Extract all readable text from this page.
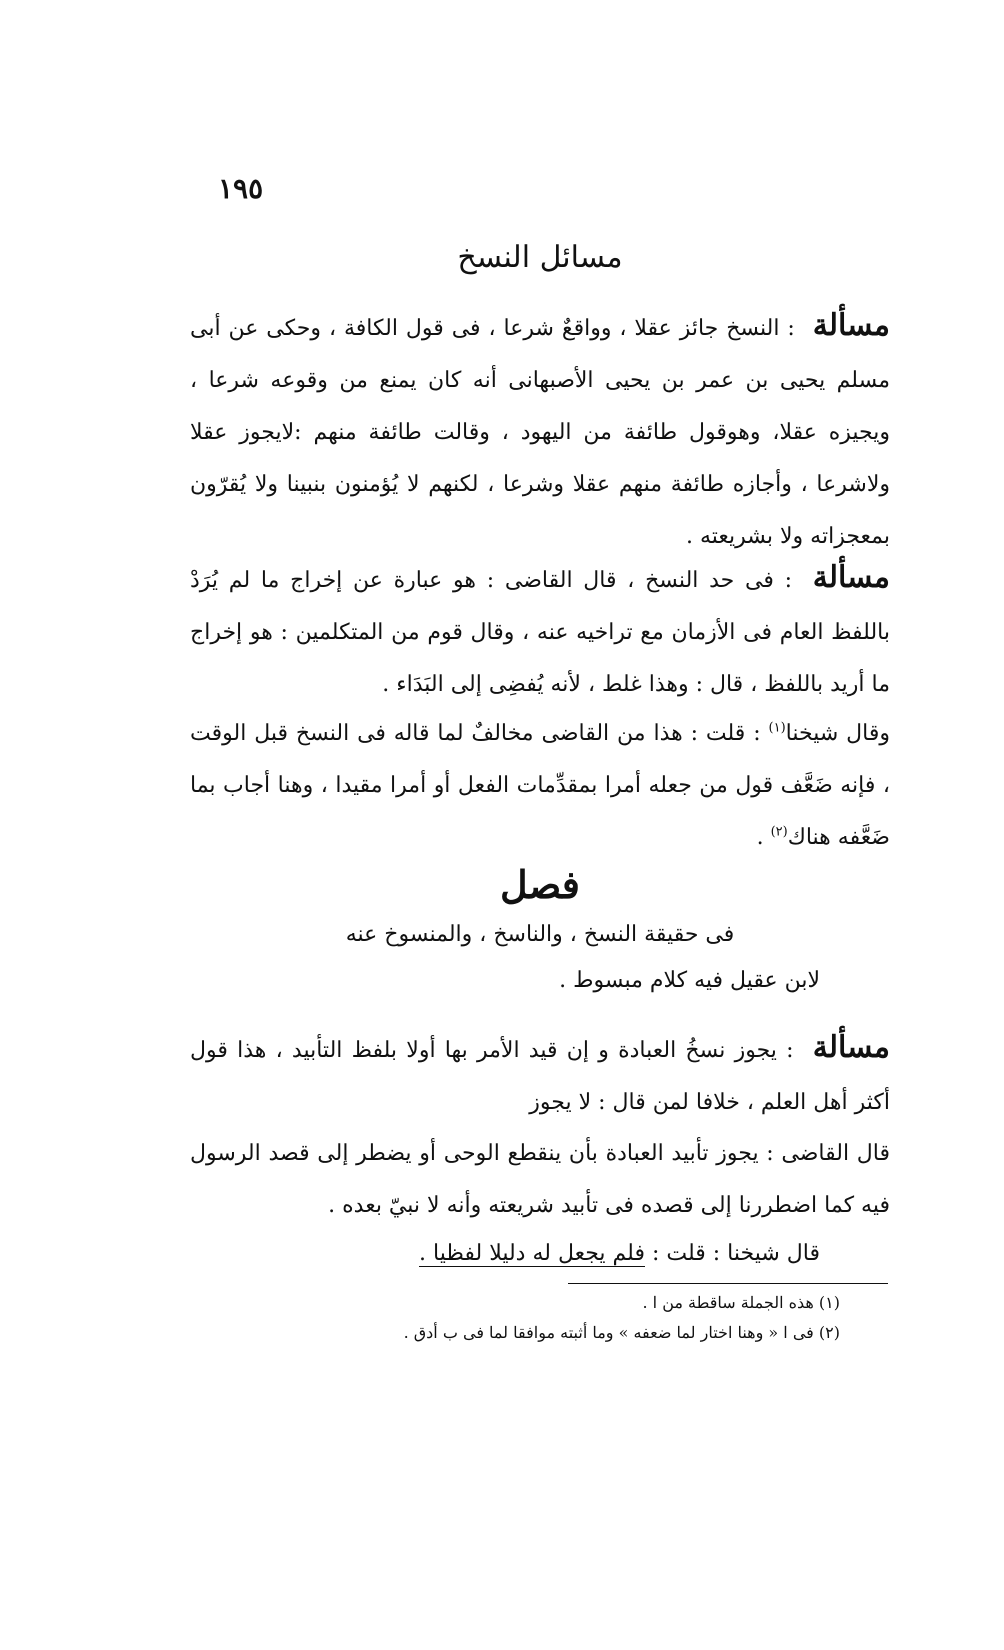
١٩٥
مسائل النسخ

مسألة : النسخ جائز عقلا ، وواقعٌ شرعا ، فى قول الكافة ، وحكى عن أبى مسلم يحيى بن عمر بن يحيى الأصبهانى أنه كان يمنع من وقوعه شرعا ، ويجيزه عقلا، وهوقول طائفة من اليهود ، وقالت طائفة منهم :لايجوز عقلا ولاشرعا ، وأجازه طائفة منهم عقلا وشرعا ، لكنهم لا يُؤمنون بنبينا ولا يُقرّون بمعجزاته ولا بشريعته .

مسألة : فى حد النسخ ، قال القاضى : هو عبارة عن إخراج ما لم يُرَدْ باللفظ العام فى الأزمان مع تراخيه عنه ، وقال قوم من المتكلمين : هو إخراج ما أريد باللفظ ، قال : وهذا غلط ، لأنه يُفضِى إلى البَدَاء .

وقال شيخنا$^{(١)}$ : قلت : هذا من القاضى مخالفٌ لما قاله فى النسخ قبل الوقت ، فإنه ضَعَّف قول من جعله أمرا بمقدِّمات الفعل أو أمرا مقيدا ، وهنا أجاب بما ضَعَّفه هناك$^{(٢)}$ .

فصل
فى حقيقة النسخ ، والناسخ ، والمنسوخ عنه
لابن عقيل فيه كلام مبسوط .

مسألة : يجوز نسخُ العبادة و إن قيد الأمر بها أولا بلفظ التأبيد ، هذا قول أكثر أهل العلم ، خلافا لمن قال : لا يجوز

قال القاضى : يجوز تأبيد العبادة بأن ينقطع الوحى أو يضطر إلى قصد الرسول فيه كما اضطررنا إلى قصده فى تأبيد شريعته وأنه لا نبيّ بعده .

قال شيخنا : قلت : فلم يجعل له دليلا لفظيا .

(١) هذه الجملة ساقطة من ا .
(٢) فى ا « وهنا اختار لما ضعفه » وما أثبته موافقا لما فى ب أدق .
